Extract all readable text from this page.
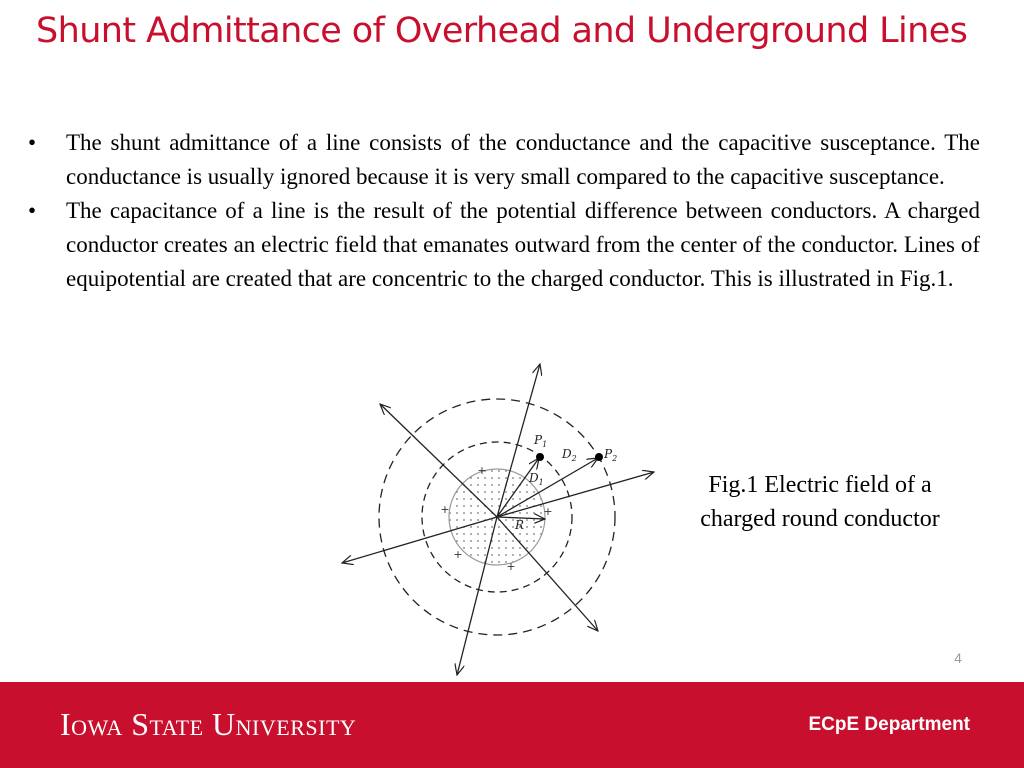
Shunt Admittance of Overhead and Underground Lines
•	The shunt admittance of a line consists of the conductance and the capacitive susceptance. The conductance is usually ignored because it is very small compared to the capacitive susceptance.
•	The capacitance of a line is the result of the potential difference between conductors. A charged conductor creates an electric field that emanates outward from the center of the conductor. Lines of equipotential are created that are concentric to the charged conductor. This is illustrated in Fig.1.
$P_1$
$P_2$
$D_1$
$D_2$
R
+
+	+
+
+
Fig.1 Electric field of a charged round conductor
4
Iowa State University	ECpE Department
